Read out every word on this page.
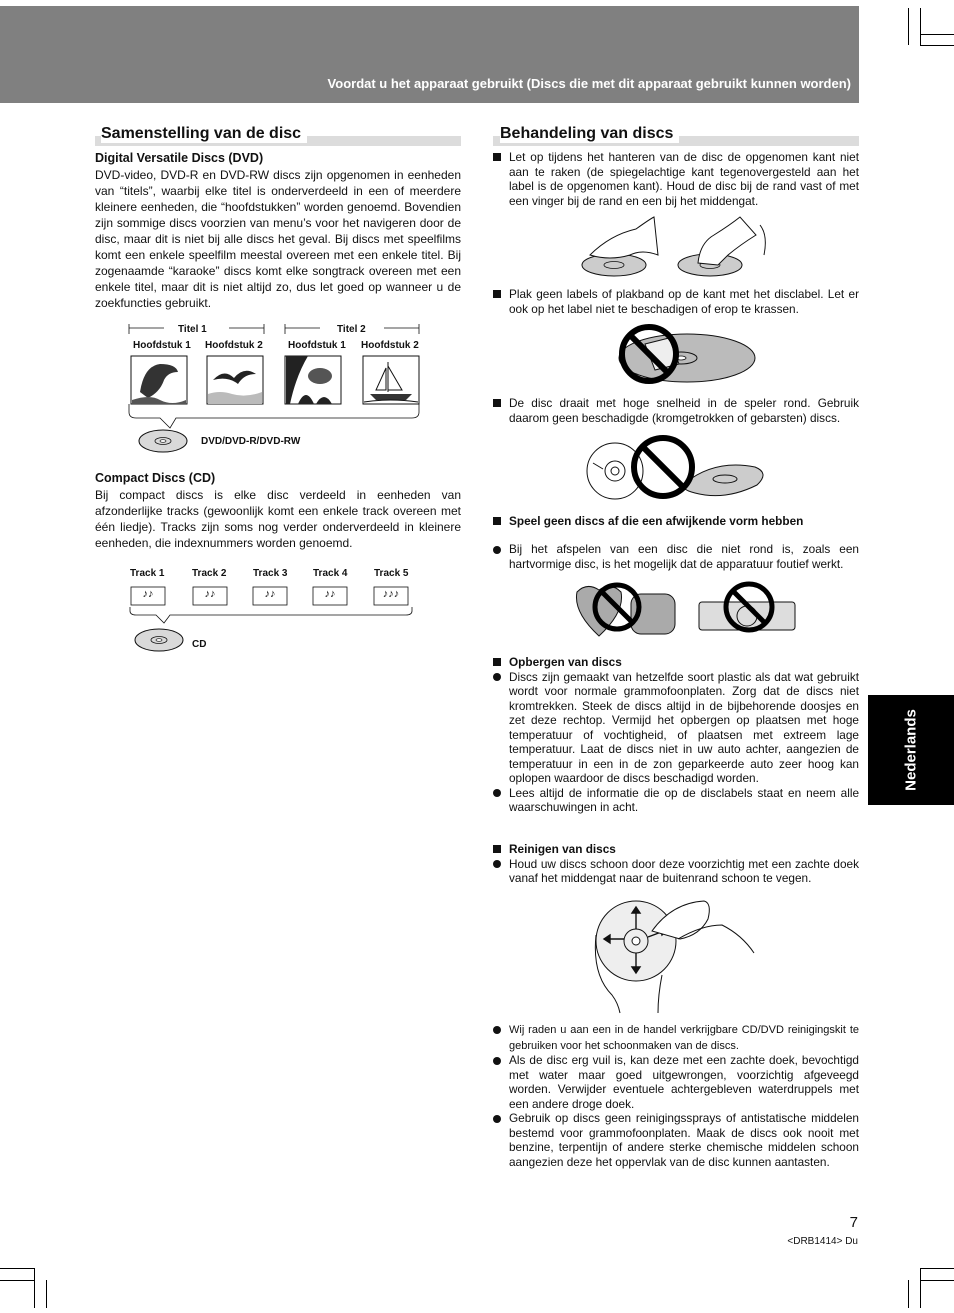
Voordat u het apparaat gebruikt (Discs die met dit apparaat gebruikt kunnen worden)
Samenstelling van de disc
Digital Versatile Discs (DVD)
DVD-video, DVD-R en DVD-RW discs zijn opgenomen in eenheden van “titels”, waarbij elke titel is onderverdeeld in een of meerdere kleinere eenheden, die “hoofdstukken” worden genoemd. Bovendien zijn sommige discs voorzien van menu’s voor het navigeren door de disc, maar dit is niet bij alle discs het geval. Bij discs met speelfilms komt een enkele speelfilm meestal overeen met een enkele titel. Bij zogenaamde “karaoke” discs komt elke songtrack overeen met een enkele titel, maar dit is niet altijd zo, dus let goed op wanneer u de zoekfuncties gebruikt.
Titel 1	Titel 2
Hoofdstuk 1 Hoofdstuk 2	Hoofdstuk 1 Hoofdstuk 2
DVD/DVD-R/DVD-RW
Compact Discs (CD)
Bij compact discs is elke disc verdeeld in eenheden van afzonderlijke tracks (gewoonlijk komt een enkele track overeen met één liedje). Tracks zijn soms nog verder onderverdeeld in kleinere eenheden, die indexnummers worden genoemd.
Track 1	Track 2	Track 3	Track 4	Track 5
♪♪	♪♪	♪♪	♪♪	♪♪♪
CD
Behandeling van discs
Let op tijdens het hanteren van de disc de opgenomen kant niet aan te raken (de spiegelachtige kant tegenovergesteld aan het label is de opgenomen kant). Houd de disc bij de rand vast of met een vinger bij de rand en een bij het middengat.
Plak geen labels of plakband op de kant met het disclabel. Let er ook op het label niet te beschadigen of erop te krassen.
De disc draait met hoge snelheid in de speler rond. Gebruik daarom geen beschadigde (kromgetrokken of gebarsten) discs.
Speel geen discs af die een afwijkende vorm hebben
Bij het afspelen van een disc die niet rond is, zoals een hartvormige disc, is het mogelijk dat de apparatuur foutief werkt.
Opbergen van discs
Discs zijn gemaakt van hetzelfde soort plastic als dat wat gebruikt wordt voor normale grammofoonplaten. Zorg dat de discs niet kromtrekken. Steek de discs altijd in de bijbehorende doosjes en zet deze rechtop. Vermijd het opbergen op plaatsen met hoge temperatuur of vochtigheid, of plaatsen met extreem lage temperatuur. Laat de discs niet in uw auto achter, aangezien de temperatuur in een in de zon geparkeerde auto zeer hoog kan oplopen waardoor de discs beschadigd worden.
Lees altijd de informatie die op de disclabels staat en neem alle waarschuwingen in acht.
Reinigen van discs
Houd uw discs schoon door deze voorzichtig met een zachte doek vanaf het middengat naar de buitenrand schoon te vegen.
Wij raden u aan een in de handel verkrijgbare CD/DVD reinigingskit te gebruiken voor het schoonmaken van de discs.
Als de disc erg vuil is, kan deze met een zachte doek, bevochtigd met water maar goed uitgewrongen, voorzichtig afgeveegd worden. Verwijder eventuele achtergebleven waterdruppels met een andere droge doek.
Gebruik op discs geen reinigingssprays of antistatische middelen bestemd voor grammofoonplaten. Maak de discs ook nooit met benzine, terpentijn of andere sterke chemische middelen schoon aangezien deze het oppervlak van de disc kunnen aantasten.
Nederlands
7
<DRB1414> Du
